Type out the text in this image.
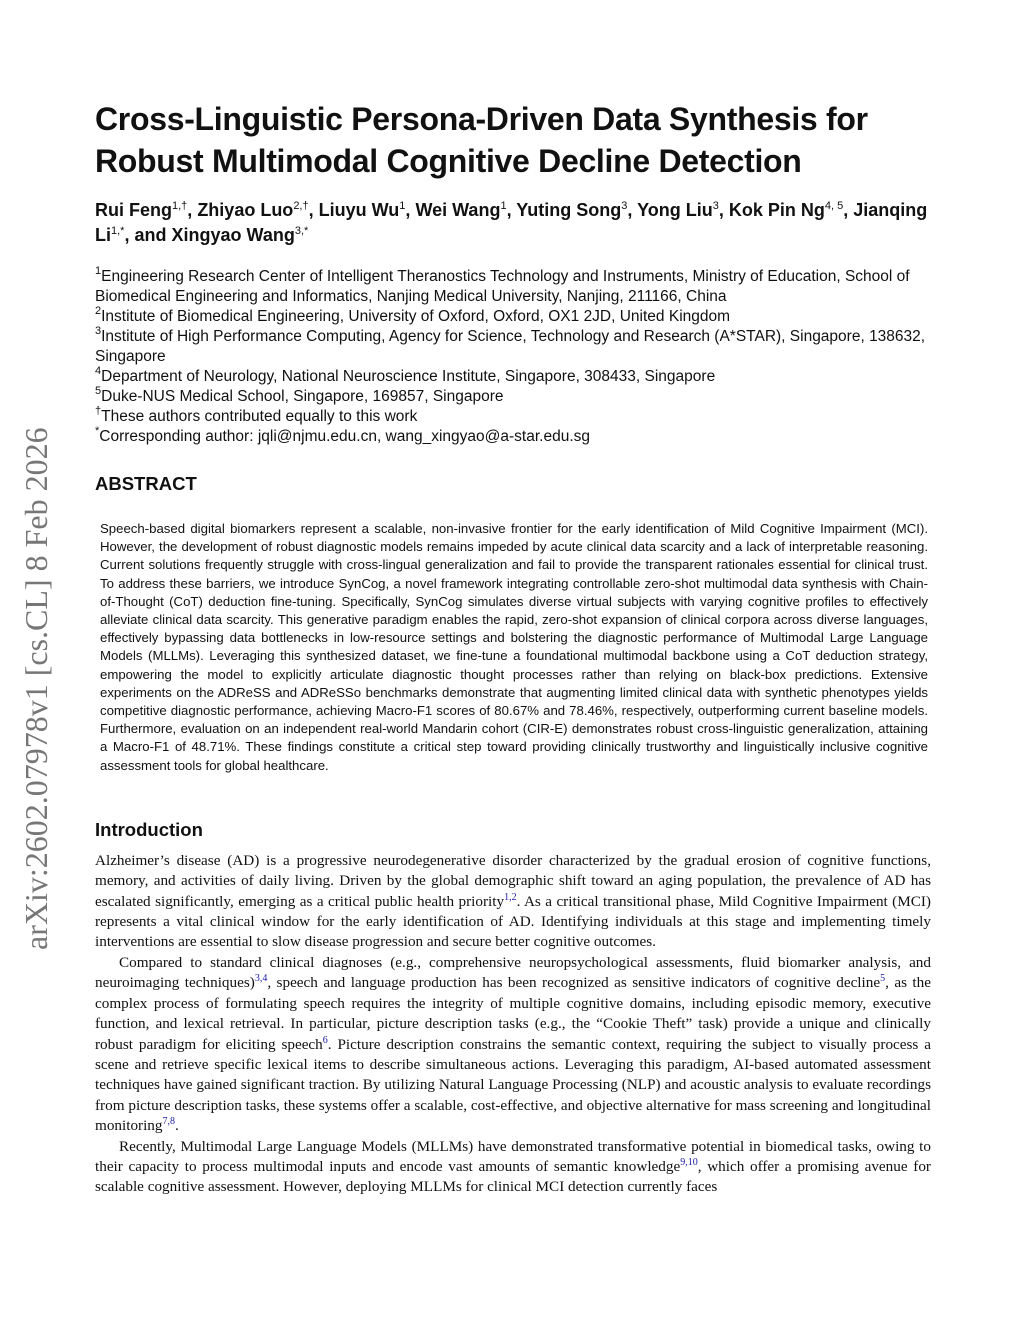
arXiv:2602.07978v1 [cs.CL] 8 Feb 2026
Cross-Linguistic Persona-Driven Data Synthesis for Robust Multimodal Cognitive Decline Detection
Rui Feng$^{1,\dagger}$, Zhiyao Luo$^{2,\dagger}$, Liuyu Wu$^1$, Wei Wang$^1$, Yuting Song$^3$, Yong Liu$^3$, Kok Pin Ng$^{4, 5}$, Jianqing $Li^{1,*}$, and Xingyao Wang$^{3,*}$

$^1$Engineering Research Center of Intelligent Theranostics Technology and Instruments, Ministry of Education, School of Biomedical Engineering and Informatics, Nanjing Medical University, Nanjing, 211166, China

$^2$Institute of Biomedical Engineering, University of Oxford, Oxford, OX1 2JD, United Kingdom

$^3$Institute of High Performance Computing, Agency for Science, Technology and Research (A*STAR), Singapore, 138632, Singapore

$^4$Department of Neurology, National Neuroscience Institute, Singapore, 308433, Singapore

$^5$Duke-NUS Medical School, Singapore, 169857, Singapore

†These authors contributed equally to this work

*Corresponding author: jqli@njmu.edu.cn, wang_xingyao@a-star.edu.sg

ABSTRACT
Speech-based digital biomarkers represent a scalable, non-invasive frontier for the early identification of Mild Cognitive Impairment (MCI). However, the development of robust diagnostic models remains impeded by acute clinical data scarcity and a lack of interpretable reasoning. Current solutions frequently struggle with cross-lingual generalization and fail to provide the transparent rationales essential for clinical trust. To address these barriers, we introduce SynCog, a novel framework integrating controllable zero-shot multimodal data synthesis with Chain-of-Thought (CoT) deduction fine-tuning. Specifically, SynCog simulates diverse virtual subjects with varying cognitive profiles to effectively alleviate clinical data scarcity. This generative paradigm enables the rapid, zero-shot expansion of clinical corpora across diverse languages, effectively bypassing data bottlenecks in low-resource settings and bolstering the diagnostic performance of Multimodal Large Language Models (MLLMs). Leveraging this synthesized dataset, we fine-tune a foundational multimodal backbone using a CoT deduction strategy, empowering the model to explicitly articulate diagnostic thought processes rather than relying on black-box predictions. Extensive experiments on the ADReSS and ADReSSo benchmarks demonstrate that augmenting limited clinical data with synthetic phenotypes yields competitive diagnostic performance, achieving Macro-F1 scores of 80.67% and 78.46%, respectively, outperforming current baseline models. Furthermore, evaluation on an independent real-world Mandarin cohort (CIR-E) demonstrates robust cross-linguistic generalization, attaining a Macro-F1 of 48.71%. These findings constitute a critical step toward providing clinically trustworthy and linguistically inclusive cognitive assessment tools for global healthcare.
Introduction

Alzheimer’s disease (AD) is a progressive neurodegenerative disorder characterized by the gradual erosion of cognitive functions, memory, and activities of daily living. Driven by the global demographic shift toward an aging population, the prevalence of AD has escalated significantly, emerging as a critical public health priority$^{1,2}$. As a critical transitional phase, Mild Cognitive Impairment (MCI) represents a vital clinical window for the early identification of AD. Identifying individuals at this stage and implementing timely interventions are essential to slow disease progression and secure better cognitive outcomes.

Compared to standard clinical diagnoses (e.g., comprehensive neuropsychological assessments, fluid biomarker analysis, and neuroimaging techniques)$^{3,4}$, speech and language production has been recognized as sensitive indicators of cognitive decline$^5$, as the complex process of formulating speech requires the integrity of multiple cognitive domains, including episodic memory, executive function, and lexical retrieval. In particular, picture description tasks (e.g., the “Cookie Theft” task) provide a unique and clinically robust paradigm for eliciting speech$^6$. Picture description constrains the semantic context, requiring the subject to visually process a scene and retrieve specific lexical items to describe simultaneous actions. Leveraging this paradigm, AI-based automated assessment techniques have gained significant traction. By utilizing Natural Language Processing (NLP) and acoustic analysis to evaluate recordings from picture description tasks, these systems offer a scalable, cost-effective, and objective alternative for mass screening and longitudinal monitoring$^{7,8}$.

Recently, Multimodal Large Language Models (MLLMs) have demonstrated transformative potential in biomedical tasks, owing to their capacity to process multimodal inputs and encode vast amounts of semantic knowledge$^{9,10}$, which offer a promising avenue for scalable cognitive assessment. However, deploying MLLMs for clinical MCI detection currently faces
